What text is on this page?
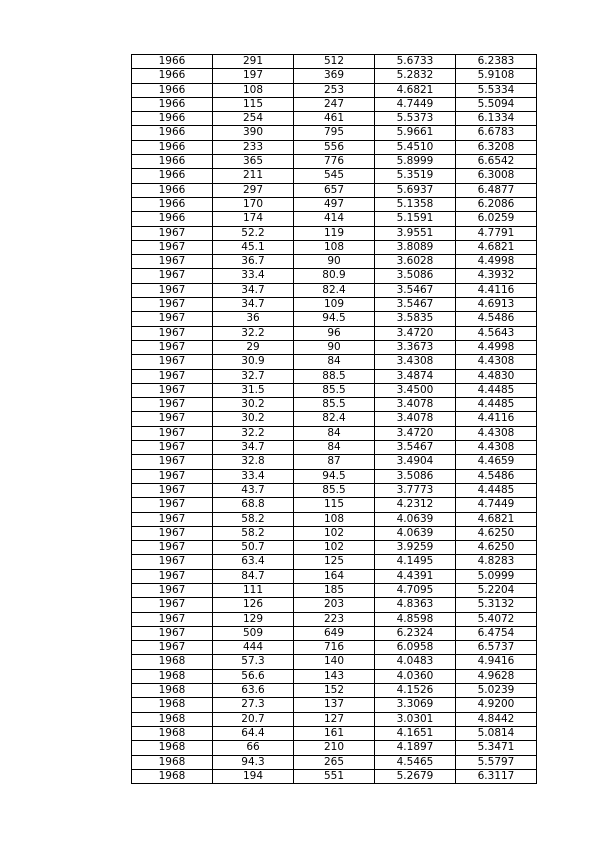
1966	291	512	5.6733	6.2383
1966	197	369	5.2832	5.9108
1966	108	253	4.6821	5.5334
1966	115	247	4.7449	5.5094
1966	254	461	5.5373	6.1334
1966	390	795	5.9661	6.6783
1966	233	556	5.4510	6.3208
1966	365	776	5.8999	6.6542
1966	211	545	5.3519	6.3008
1966	297	657	5.6937	6.4877
1966	170	497	5.1358	6.2086
1966	174	414	5.1591	6.0259
1967	52.2	119	3.9551	4.7791
1967	45.1	108	3.8089	4.6821
1967	36.7	90	3.6028	4.4998
1967	33.4	80.9	3.5086	4.3932
1967	34.7	82.4	3.5467	4.4116
1967	34.7	109	3.5467	4.6913
1967	36	94.5	3.5835	4.5486
1967	32.2	96	3.4720	4.5643
1967	29	90	3.3673	4.4998
1967	30.9	84	3.4308	4.4308
1967	32.7	88.5	3.4874	4.4830
1967	31.5	85.5	3.4500	4.4485
1967	30.2	85.5	3.4078	4.4485
1967	30.2	82.4	3.4078	4.4116
1967	32.2	84	3.4720	4.4308
1967	34.7	84	3.5467	4.4308
1967	32.8	87	3.4904	4.4659
1967	33.4	94.5	3.5086	4.5486
1967	43.7	85.5	3.7773	4.4485
1967	68.8	115	4.2312	4.7449
1967	58.2	108	4.0639	4.6821
1967	58.2	102	4.0639	4.6250
1967	50.7	102	3.9259	4.6250
1967	63.4	125	4.1495	4.8283
1967	84.7	164	4.4391	5.0999
1967	111	185	4.7095	5.2204
1967	126	203	4.8363	5.3132
1967	129	223	4.8598	5.4072
1967	509	649	6.2324	6.4754
1967	444	716	6.0958	6.5737
1968	57.3	140	4.0483	4.9416
1968	56.6	143	4.0360	4.9628
1968	63.6	152	4.1526	5.0239
1968	27.3	137	3.3069	4.9200
1968	20.7	127	3.0301	4.8442
1968	64.4	161	4.1651	5.0814
1968	66	210	4.1897	5.3471
1968	94.3	265	4.5465	5.5797
1968	194	551	5.2679	6.3117
